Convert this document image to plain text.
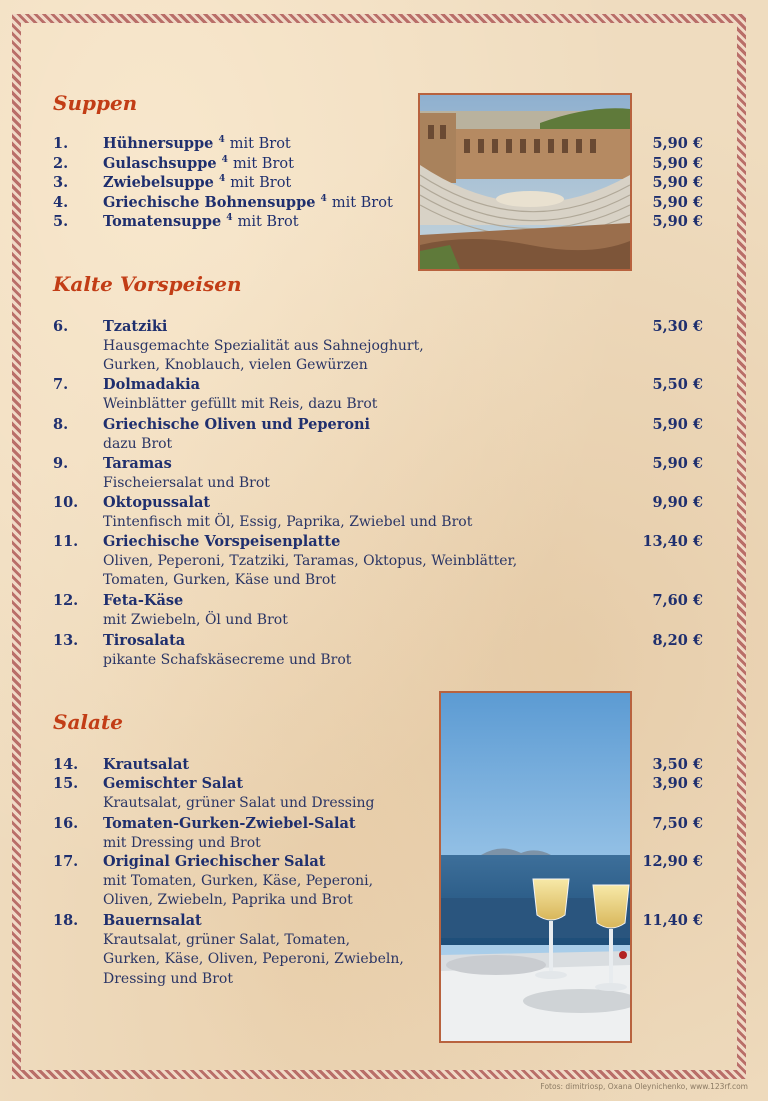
Suppen
1. Hühnersuppe $^4$ mit Brot	5,90 €
2. Gulaschsuppe $^4$ mit Brot	5,90 €
3. Zwiebelsuppe $^4$ mit Brot	5,90 €
4. Griechische Bohnensuppe $^4$ mit Brot	5,90 €
5. Tomatensuppe $^4$ mit Brot	5,90 €
Kalte Vorspeisen
6. Tzatziki	5,30 €
Hausgemachte Spezialität aus Sahnejoghurt,
Gurken, Knoblauch, vielen Gewürzen
7. Dolmadakia	5,50 €
Weinblätter gefüllt mit Reis, dazu Brot
8. Griechische Oliven und Peperoni	5,90 €
dazu Brot
9. Taramas	5,90 €
Fischeiersalat und Brot
10. Oktopussalat	9,90 €
Tintenfisch mit Öl, Essig, Paprika, Zwiebel und Brot
11. Griechische Vorspeisenplatte	13,40 €
Oliven, Peperoni, Tzatziki, Taramas, Oktopus, Weinblätter,
Tomaten, Gurken, Käse und Brot
12. Feta-Käse	7,60 €
mit Zwiebeln, Öl und Brot
13. Tirosalata	8,20 €
pikante Schafskäsecreme und Brot
Salate
14. Krautsalat	3,50 €
15. Gemischter Salat	3,90 €
Krautsalat, grüner Salat und Dressing
16. Tomaten-Gurken-Zwiebel-Salat	7,50 €
mit Dressing und Brot
17. Original Griechischer Salat	12,90 €
mit Tomaten, Gurken, Käse, Peperoni,
Oliven, Zwiebeln, Paprika und Brot
18. Bauernsalat	11,40 €
Krautsalat, grüner Salat, Tomaten,
Gurken, Käse, Oliven, Peperoni, Zwiebeln,
Dressing und Brot
Fotos: dimitriosp, Oxana Oleynichenko, www.123rf.com
